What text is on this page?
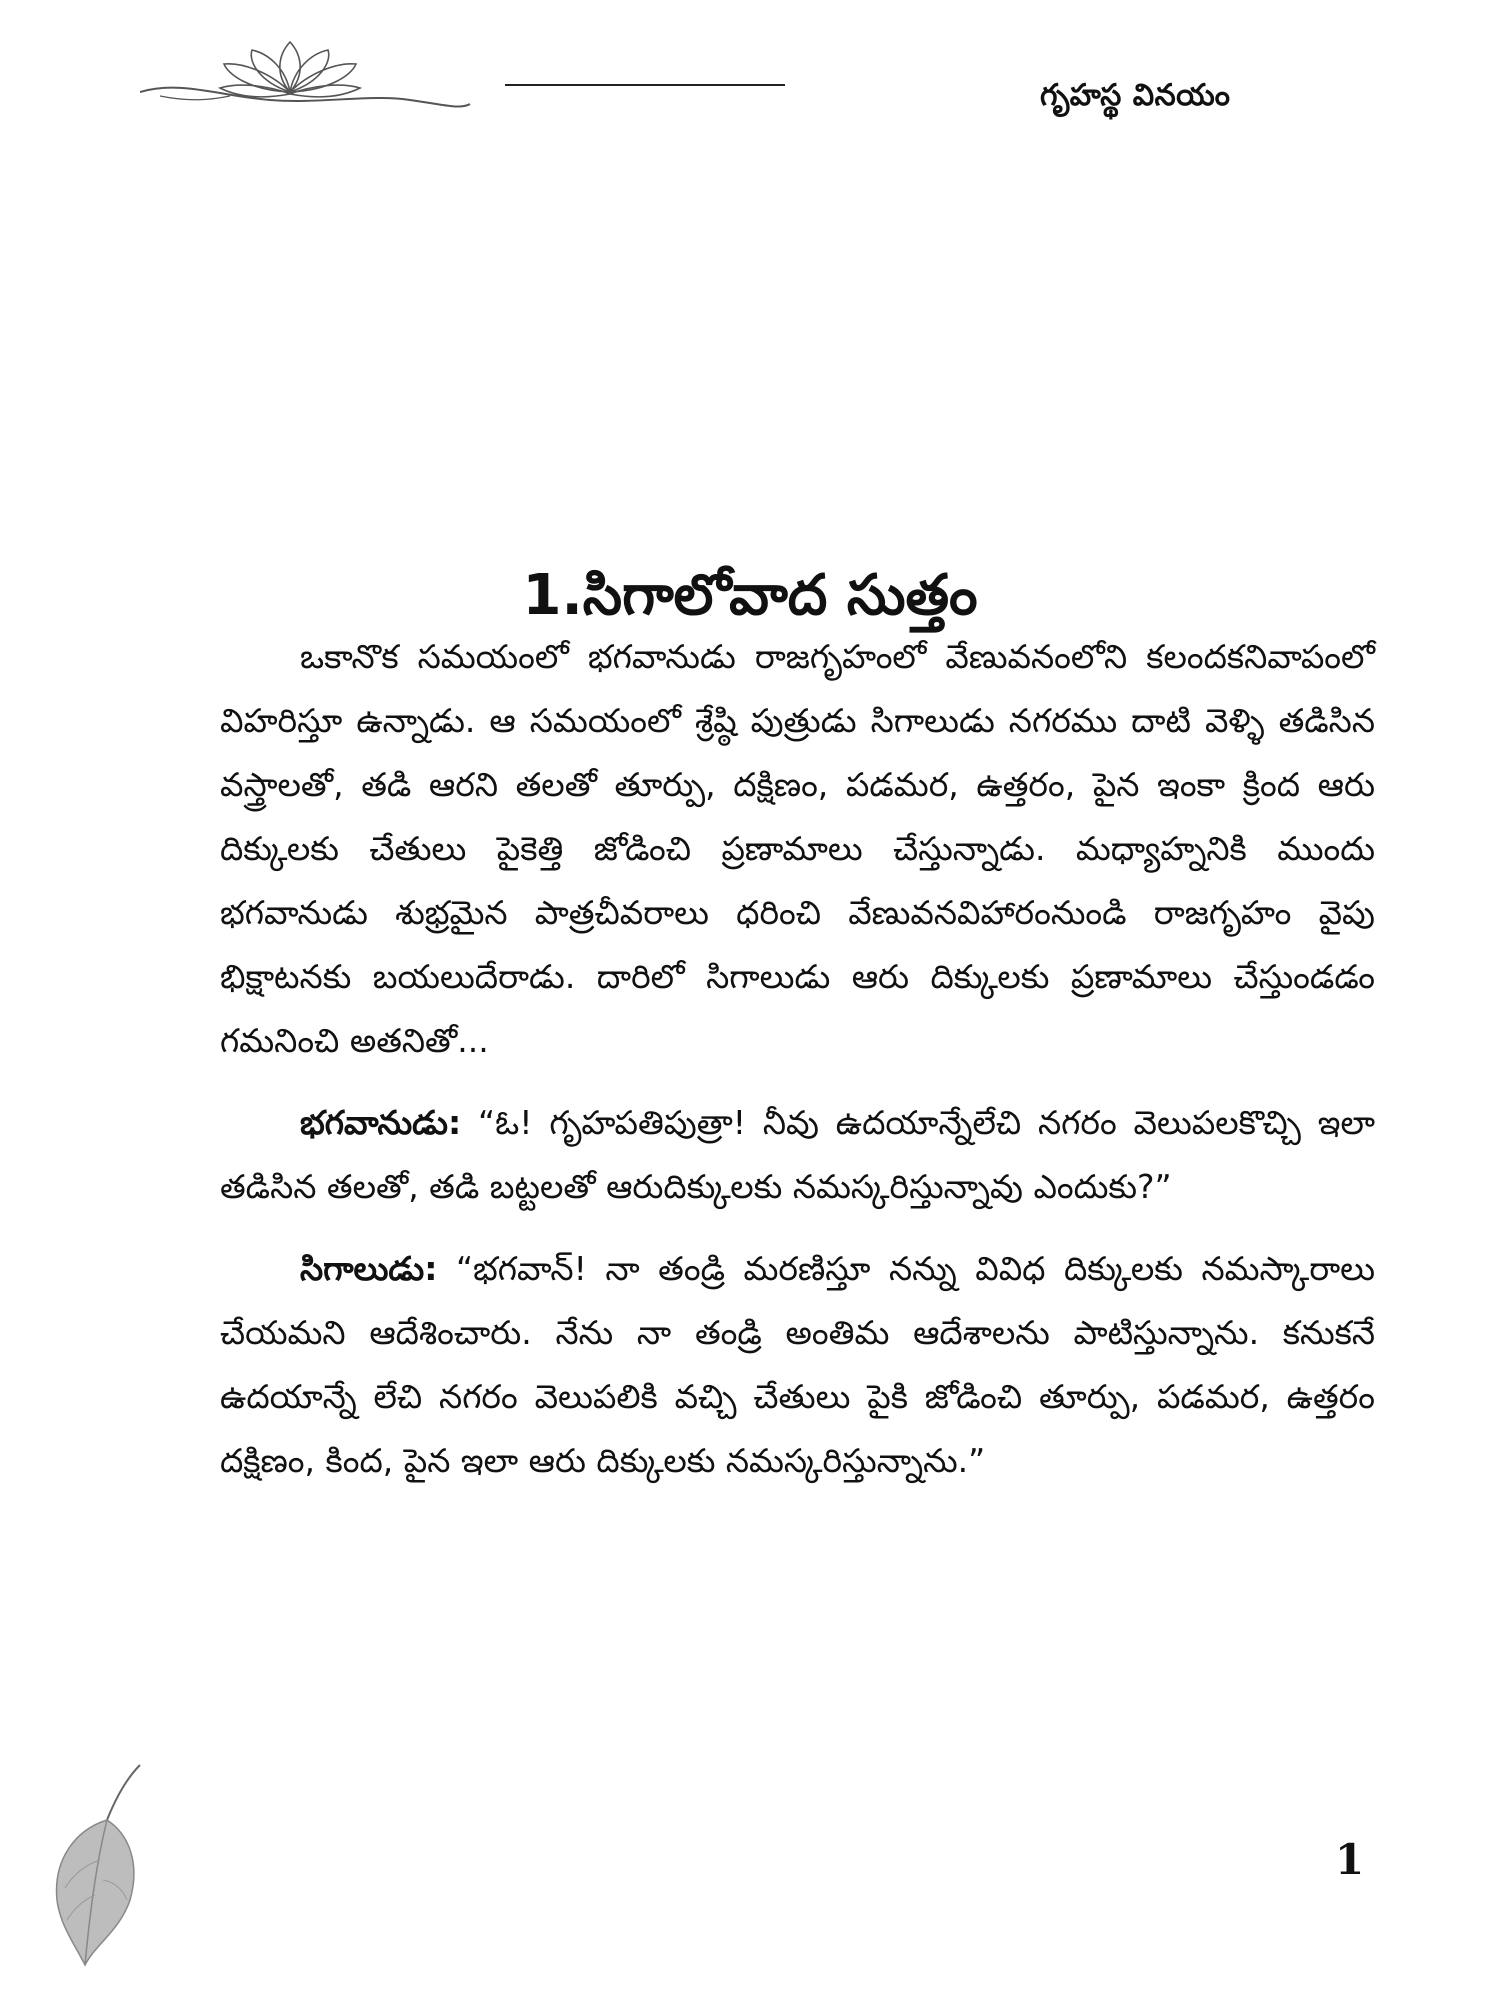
గృహస్థ వినయం
1.సిగాలోవాద సుత్తం

ఒకానొక సమయంలో భగవానుడు రాజగృహంలో వేణువనంలోని కలందకనివాపంలో విహరిస్తూ ఉన్నాడు. ఆ సమయంలో శ్రేష్ఠి పుత్రుడు సిగాలుడు నగరము దాటి వెళ్ళి తడిసిన వస్త్రాలతో, తడి ఆరని తలతో తూర్పు, దక్షిణం, పడమర, ఉత్తరం, పైన ఇంకా క్రింద ఆరు దిక్కులకు చేతులు పైకెత్తి జోడించి ప్రణామాలు చేస్తున్నాడు. మధ్యాహ్ననికి ముందు భగవానుడు శుభ్రమైన పాత్రచీవరాలు ధరించి వేణువనవిహారంనుండి రాజగృహం వైపు భిక్షాటనకు బయలుదేరాడు. దారిలో సిగాలుడు ఆరు దిక్కులకు ప్రణామాలు చేస్తుండడం గమనించి అతనితో...

భగవానుడు: “ఓ! గృహపతిపుత్రా! నీవు ఉదయాన్నేలేచి నగరం వెలుపలకొచ్చి ఇలా తడిసిన తలతో, తడి బట్టలతో ఆరుదిక్కులకు నమస్కరిస్తున్నావు ఎందుకు?”

సిగాలుడు: “భగవాన్! నా తండ్రి మరణిస్తూ నన్ను వివిధ దిక్కులకు నమస్కారాలు చేయమని ఆదేశించారు. నేను నా తండ్రి అంతిమ ఆదేశాలను పాటిస్తున్నాను. కనుకనే ఉదయాన్నే లేచి నగరం వెలుపలికి వచ్చి చేతులు పైకి జోడించి తూర్పు, పడమర, ఉత్తరం దక్షిణం, కింద, పైన ఇలా ఆరు దిక్కులకు నమస్కరిస్తున్నాను.”

1
